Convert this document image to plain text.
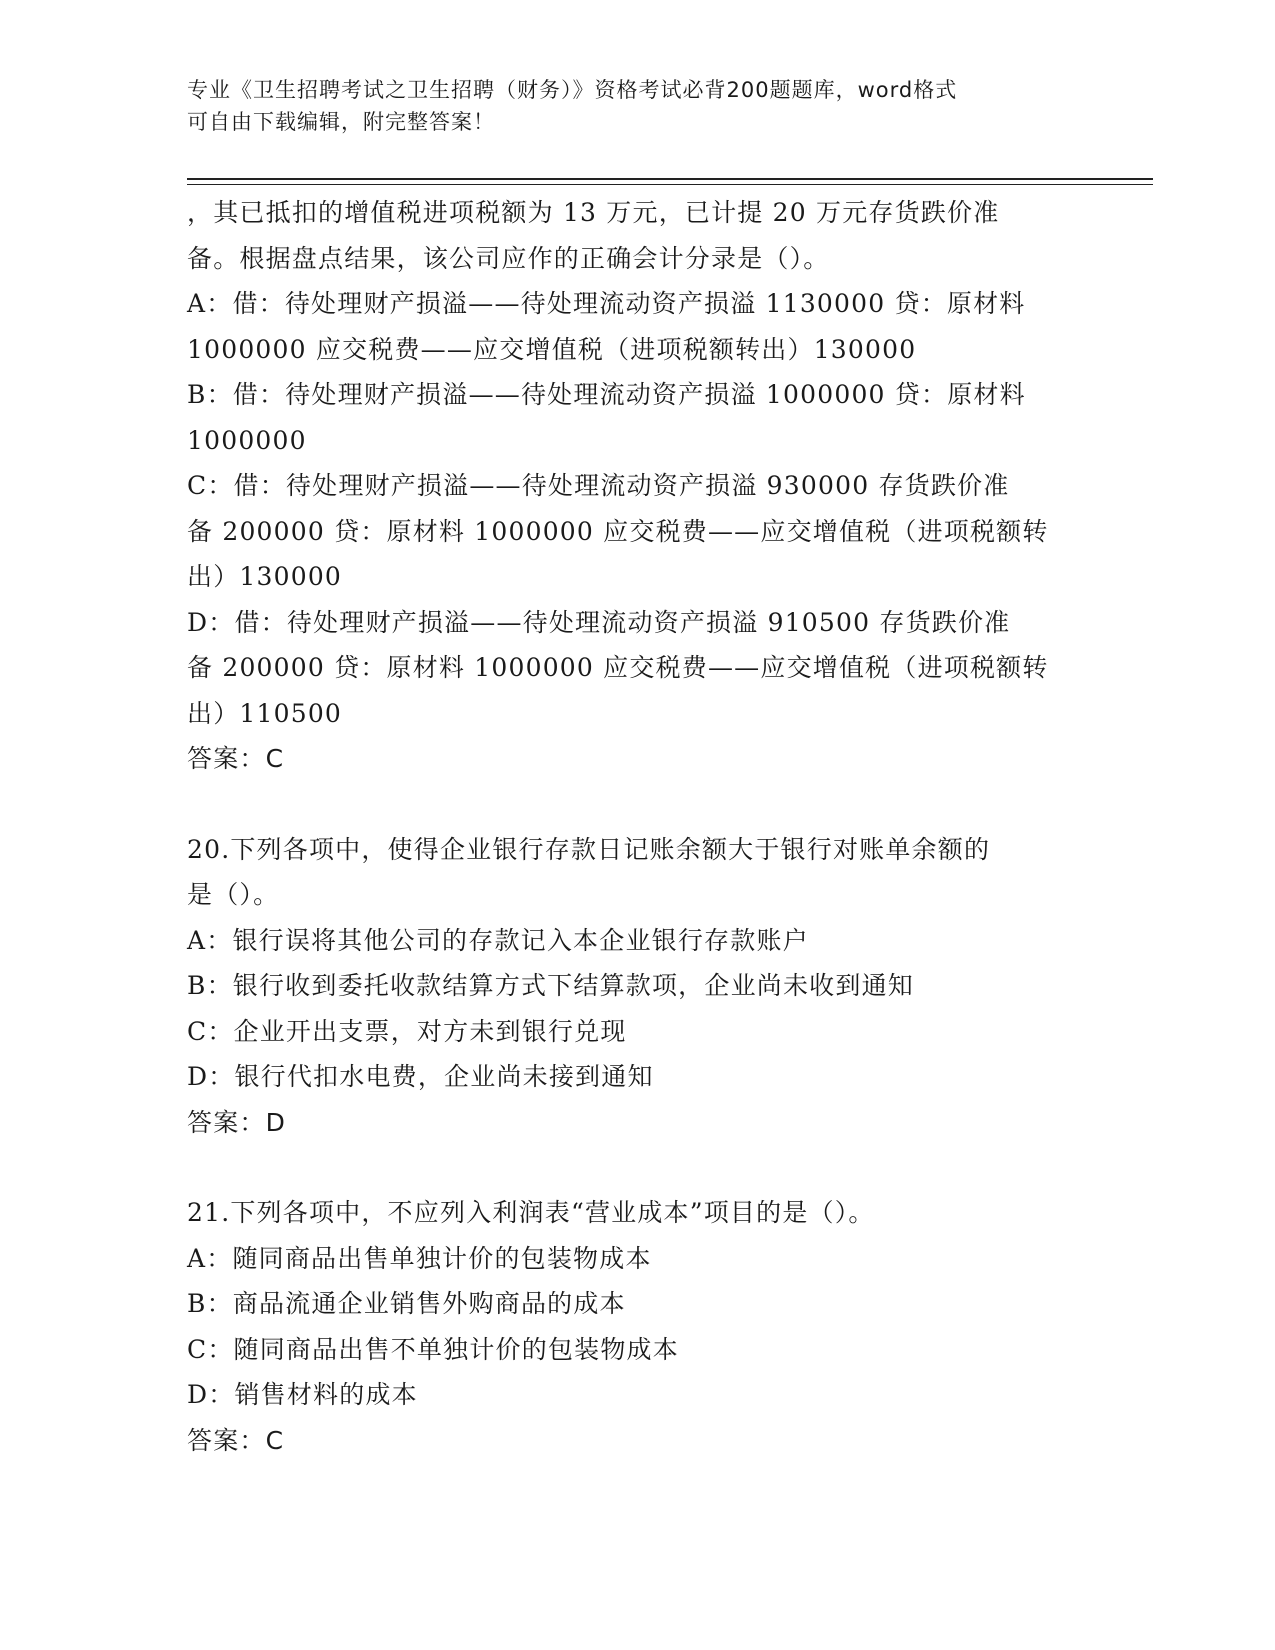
专业《卫生招聘考试之卫生招聘（财务）》资格考试必背200题题库，word格式
可自由下载编辑，附完整答案！

，其已抵扣的增值税进项税额为 13 万元，已计提 20 万元存货跌价准

备。根据盘点结果，该公司应作的正确会计分录是（）。

A：借：待处理财产损溢——待处理流动资产损溢 1130000 贷：原材料

1000000 应交税费——应交增值税（进项税额转出）130000

B：借：待处理财产损溢——待处理流动资产损溢 1000000 贷：原材料

1000000

C：借：待处理财产损溢——待处理流动资产损溢 930000 存货跌价准

备 200000 贷：原材料 1000000 应交税费——应交增值税（进项税额转

出）130000

D：借：待处理财产损溢——待处理流动资产损溢 910500 存货跌价准

备 200000 贷：原材料 1000000 应交税费——应交增值税（进项税额转

出）110500

答案：C

20.下列各项中，使得企业银行存款日记账余额大于银行对账单余额的

是（）。

A：银行误将其他公司的存款记入本企业银行存款账户

B：银行收到委托收款结算方式下结算款项，企业尚未收到通知

C：企业开出支票，对方未到银行兑现

D：银行代扣水电费，企业尚未接到通知

答案：D

21.下列各项中，不应列入利润表“营业成本”项目的是（）。

A：随同商品出售单独计价的包装物成本

B：商品流通企业销售外购商品的成本

C：随同商品出售不单独计价的包装物成本

D：销售材料的成本

答案：C
